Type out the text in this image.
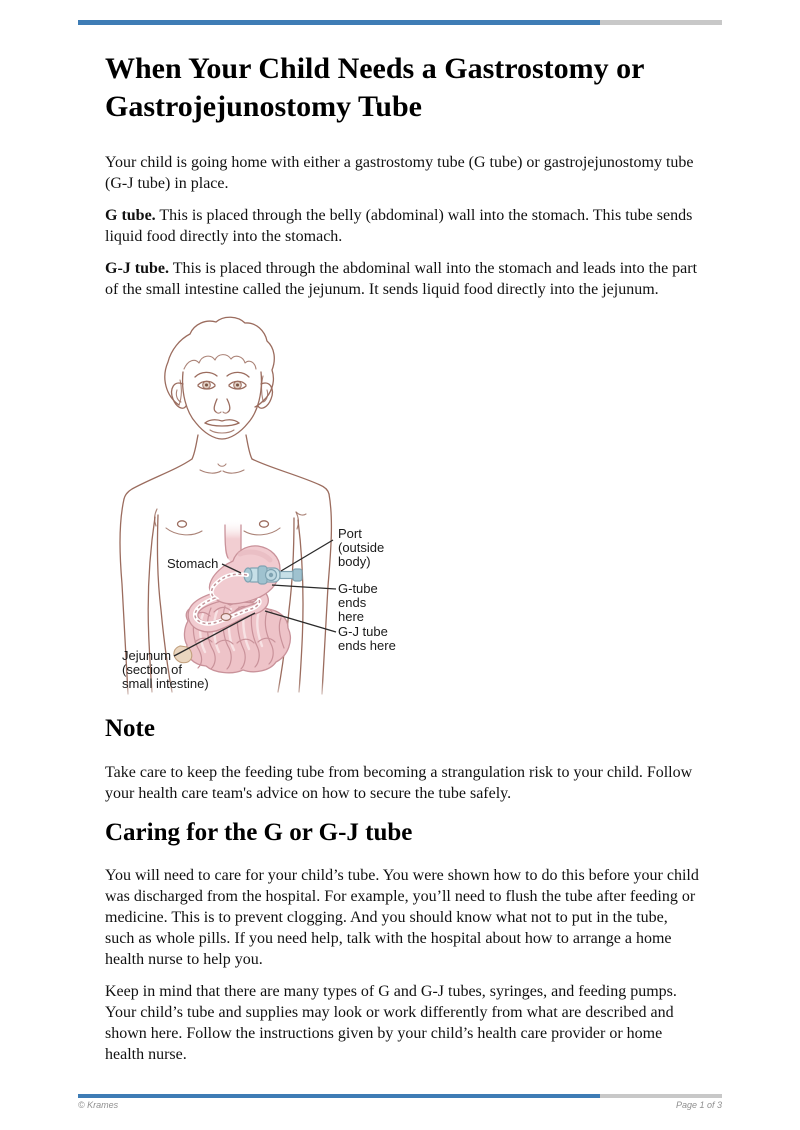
When Your Child Needs a Gastrostomy or Gastrojejunostomy Tube

Your child is going home with either a gastrostomy tube (G tube) or gastrojejunostomy tube (G-J tube) in place.

G tube. This is placed through the belly (abdominal) wall into the stomach. This tube sends liquid food directly into the stomach.

G-J tube. This is placed through the abdominal wall into the stomach and leads into the part of the small intestine called the jejunum. It sends liquid food directly into the jejunum.

Stomach
Port
(outside
body)
G-tube
ends
here
G-J tube
ends here
Jejunum
(section of
small intestine)
Note

Take care to keep the feeding tube from becoming a strangulation risk to your child. Follow your health care team's advice on how to secure the tube safely.

Caring for the G or G-J tube

You will need to care for your child’s tube. You were shown how to do this before your child was discharged from the hospital. For example, you’ll need to flush the tube after feeding or medicine. This is to prevent clogging. And you should know what not to put in the tube, such as whole pills. If you need help, talk with the hospital about how to arrange a home health nurse to help you.

Keep in mind that there are many types of G and G-J tubes, syringes, and feeding pumps. Your child’s tube and supplies may look or work differently from what are described and shown here. Follow the instructions given by your child’s health care provider or home health nurse.

© Krames	Page 1 of 3
